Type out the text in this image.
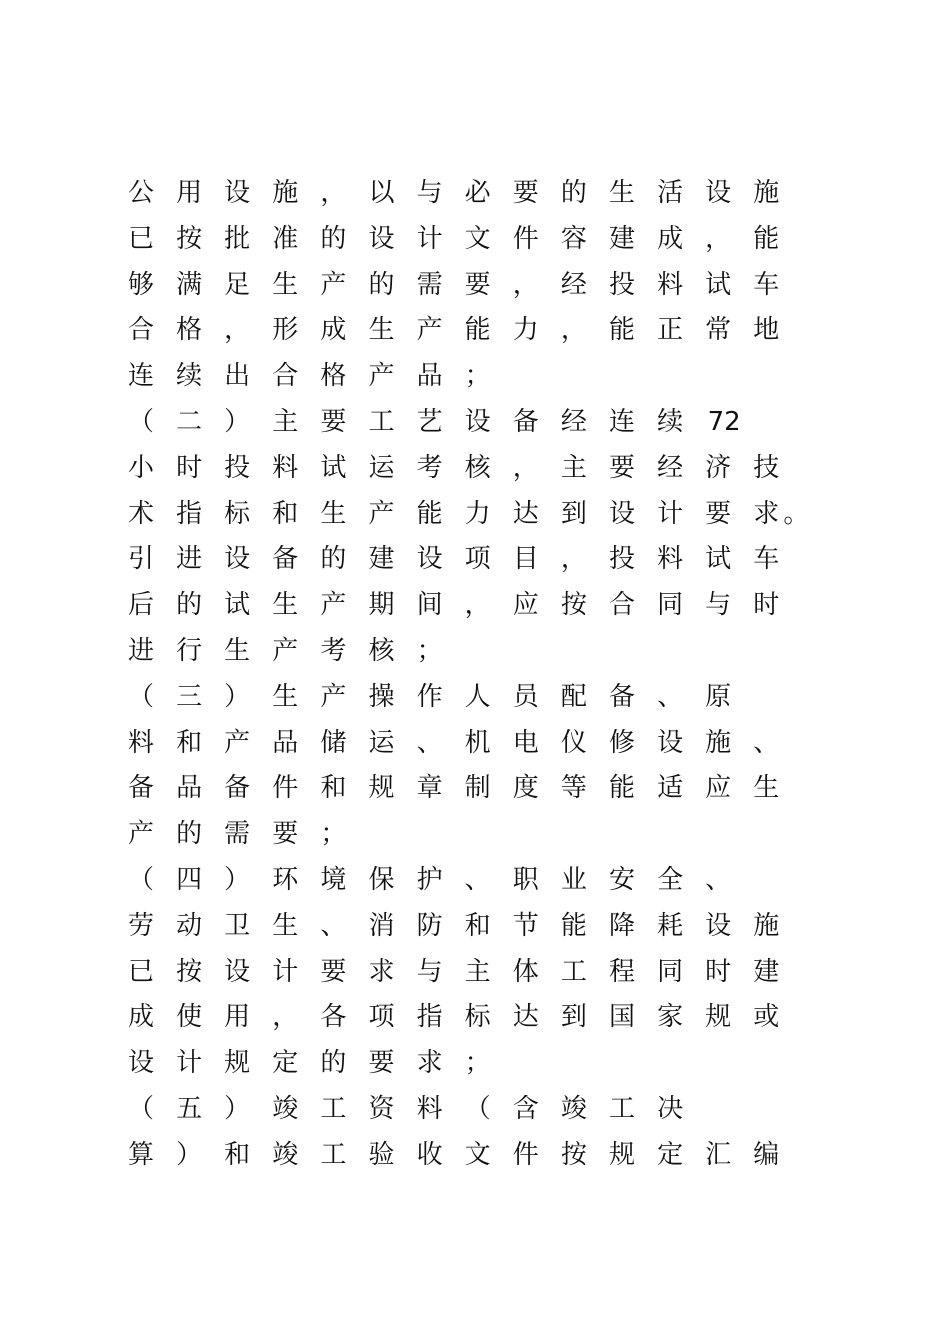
公 用 设 施 ， 以 与 必 要 的 生 活 设 施
已 按 批 准 的 设 计 文 件 容 建 成 ， 能
够 满 足 生 产 的 需 要 ， 经 投 料 试 车
合 格 ， 形 成 生 产 能 力 ， 能 正 常 地
连 续 出 合 格 产 品 ；
（ 二 ） 主 要 工 艺 设 备 经 连 续 72
小 时 投 料 试 运 考 核 ， 主 要 经 济 技
术 指 标 和 生 产 能 力 达 到 设 计 要 求 。
引 进 设 备 的 建 设 项 目 ， 投 料 试 车
后 的 试 生 产 期 间 ， 应 按 合 同 与 时
进 行 生 产 考 核 ；
（ 三 ） 生 产 操 作 人 员 配 备 、 原
料 和 产 品 储 运 、 机 电 仪 修 设 施 、
备 品 备 件 和 规 章 制 度 等 能 适 应 生
产 的 需 要 ；
（ 四 ） 环 境 保 护 、 职 业 安 全 、
劳 动 卫 生 、 消 防 和 节 能 降 耗 设 施
已 按 设 计 要 求 与 主 体 工 程 同 时 建
成 使 用 ， 各 项 指 标 达 到 国 家 规 或
设 计 规 定 的 要 求 ；
（ 五 ） 竣 工 资 料 （ 含 竣 工 决
算 ） 和 竣 工 验 收 文 件 按 规 定 汇 编
